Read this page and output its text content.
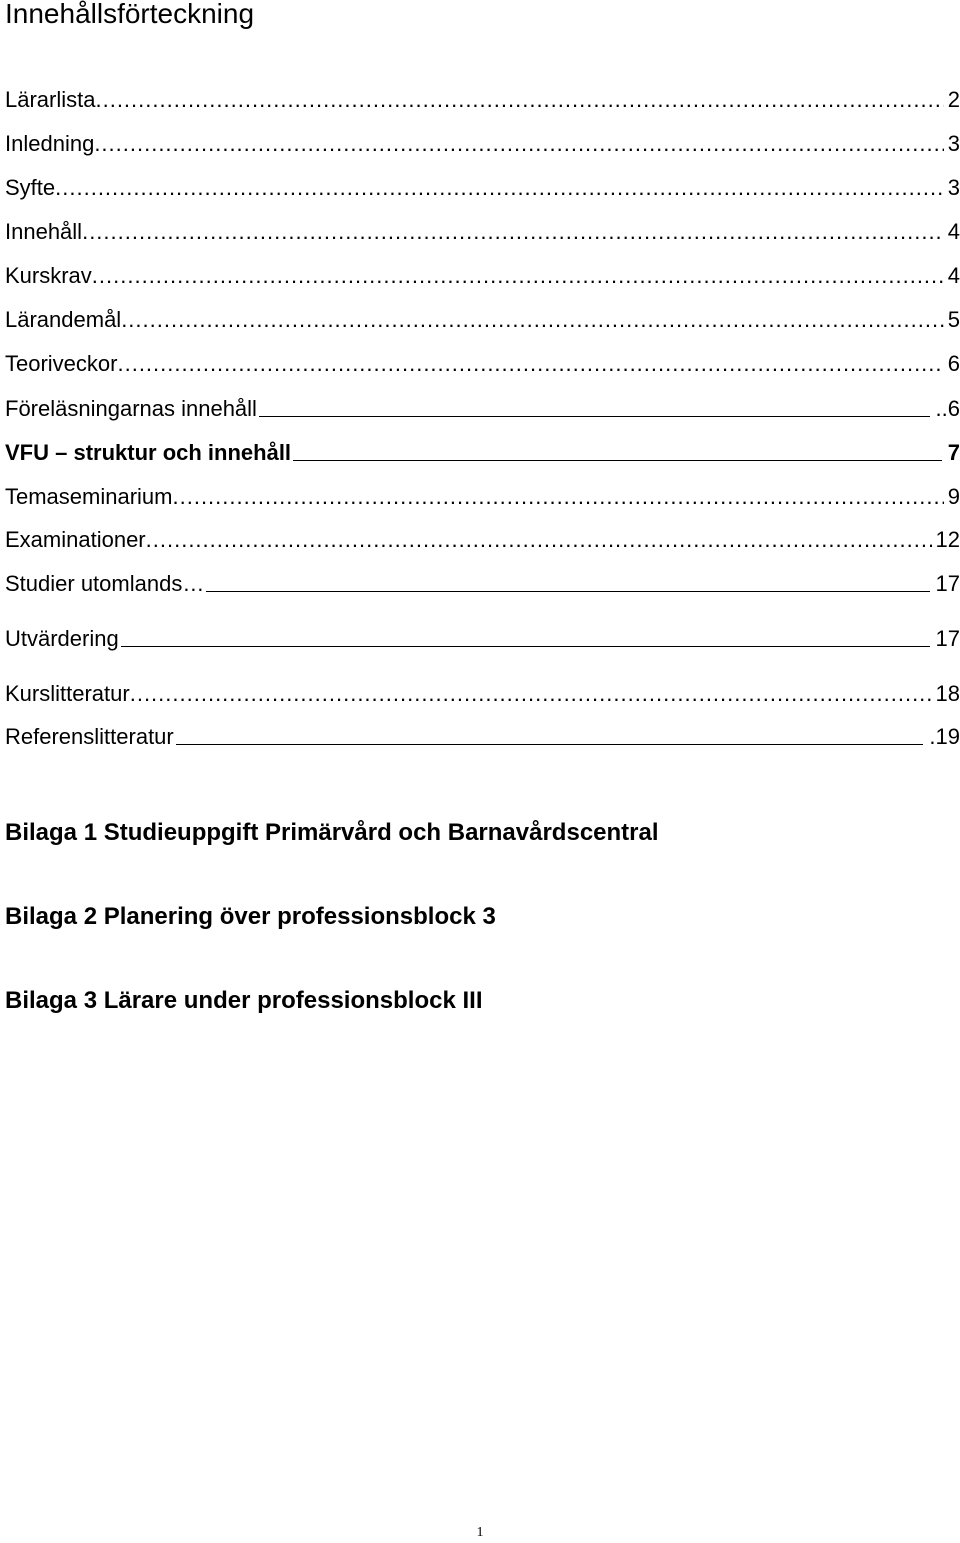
Innehållsförteckning
Lärarlista .....	2
Inledning .....	3
Syfte .....	3
Innehåll .....	4
Kurskrav .....	4
Lärandemål .....	5
Teoriveckor .....	6
Föreläsningarnas innehåll	..6
VFU – struktur och innehåll	7
Temaseminarium .....	9
Examinationer .....	12
Studier utomlands …	17
Utvärdering	17
Kurslitteratur .....	18
Referenslitteratur	.19
Bilaga 1 Studieuppgift Primärvård och Barnavårdscentral
Bilaga 2 Planering över professionsblock 3
Bilaga 3 Lärare under professionsblock III
1
